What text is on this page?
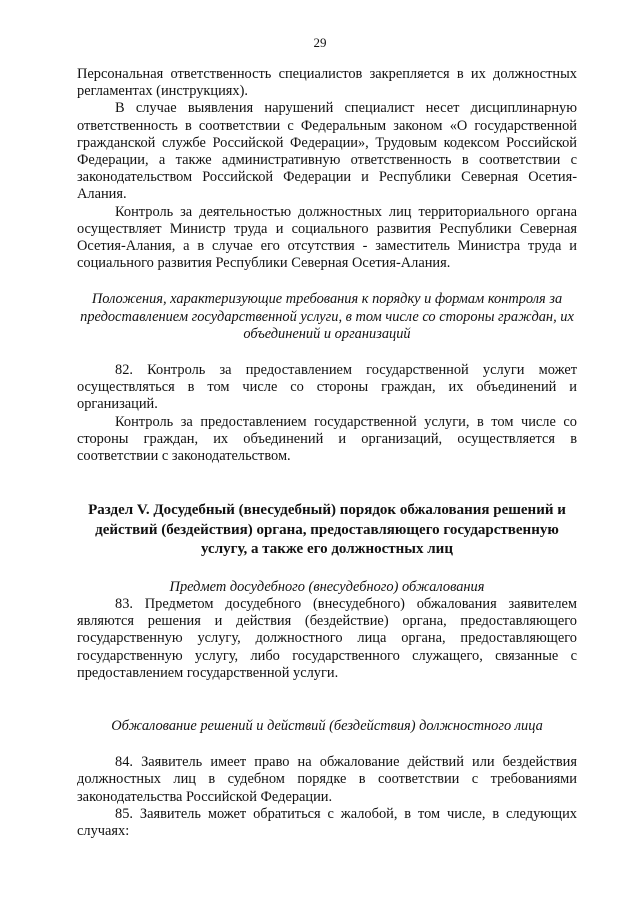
29

Персональная ответственность специалистов закрепляется в их должностных регламентах (инструкциях).

В случае выявления нарушений специалист несет дисциплинарную ответственность в соответствии с Федеральным законом «О государственной гражданской службе Российской Федерации», Трудовым кодексом Российской Федерации, а также административную ответственность в соответствии с законодательством Российской Федерации и Республики Северная Осетия-Алания.

Контроль за деятельностью должностных лиц территориального органа осуществляет Министр труда и социального развития Республики Северная Осетия-Алания, а в случае его отсутствия - заместитель Министра труда и социального развития Республики Северная Осетия-Алания.

Положения, характеризующие требования к порядку и формам контроля за предоставлением государственной услуги, в том числе со стороны граждан, их объединений и организаций

82. Контроль за предоставлением государственной услуги может осуществляться в том числе со стороны граждан, их объединений и организаций.

Контроль за предоставлением государственной услуги, в том числе со стороны граждан, их объединений и организаций, осуществляется в соответствии с законодательством.

Раздел V. Досудебный (внесудебный) порядок обжалования решений и действий (бездействия) органа, предоставляющего государственную услугу, а также его должностных лиц

Предмет досудебного (внесудебного) обжалования

83. Предметом досудебного (внесудебного) обжалования заявителем являются решения и действия (бездействие) органа, предоставляющего государственную услугу, должностного лица органа, предоставляющего государственную услугу, либо государственного служащего, связанные с предоставлением государственной услуги.

Обжалование решений и действий (бездействия) должностного лица

84. Заявитель имеет право на обжалование действий или бездействия должностных лиц в судебном порядке в соответствии с требованиями законодательства Российской Федерации.

85. Заявитель может обратиться с жалобой, в том числе, в следующих случаях:
